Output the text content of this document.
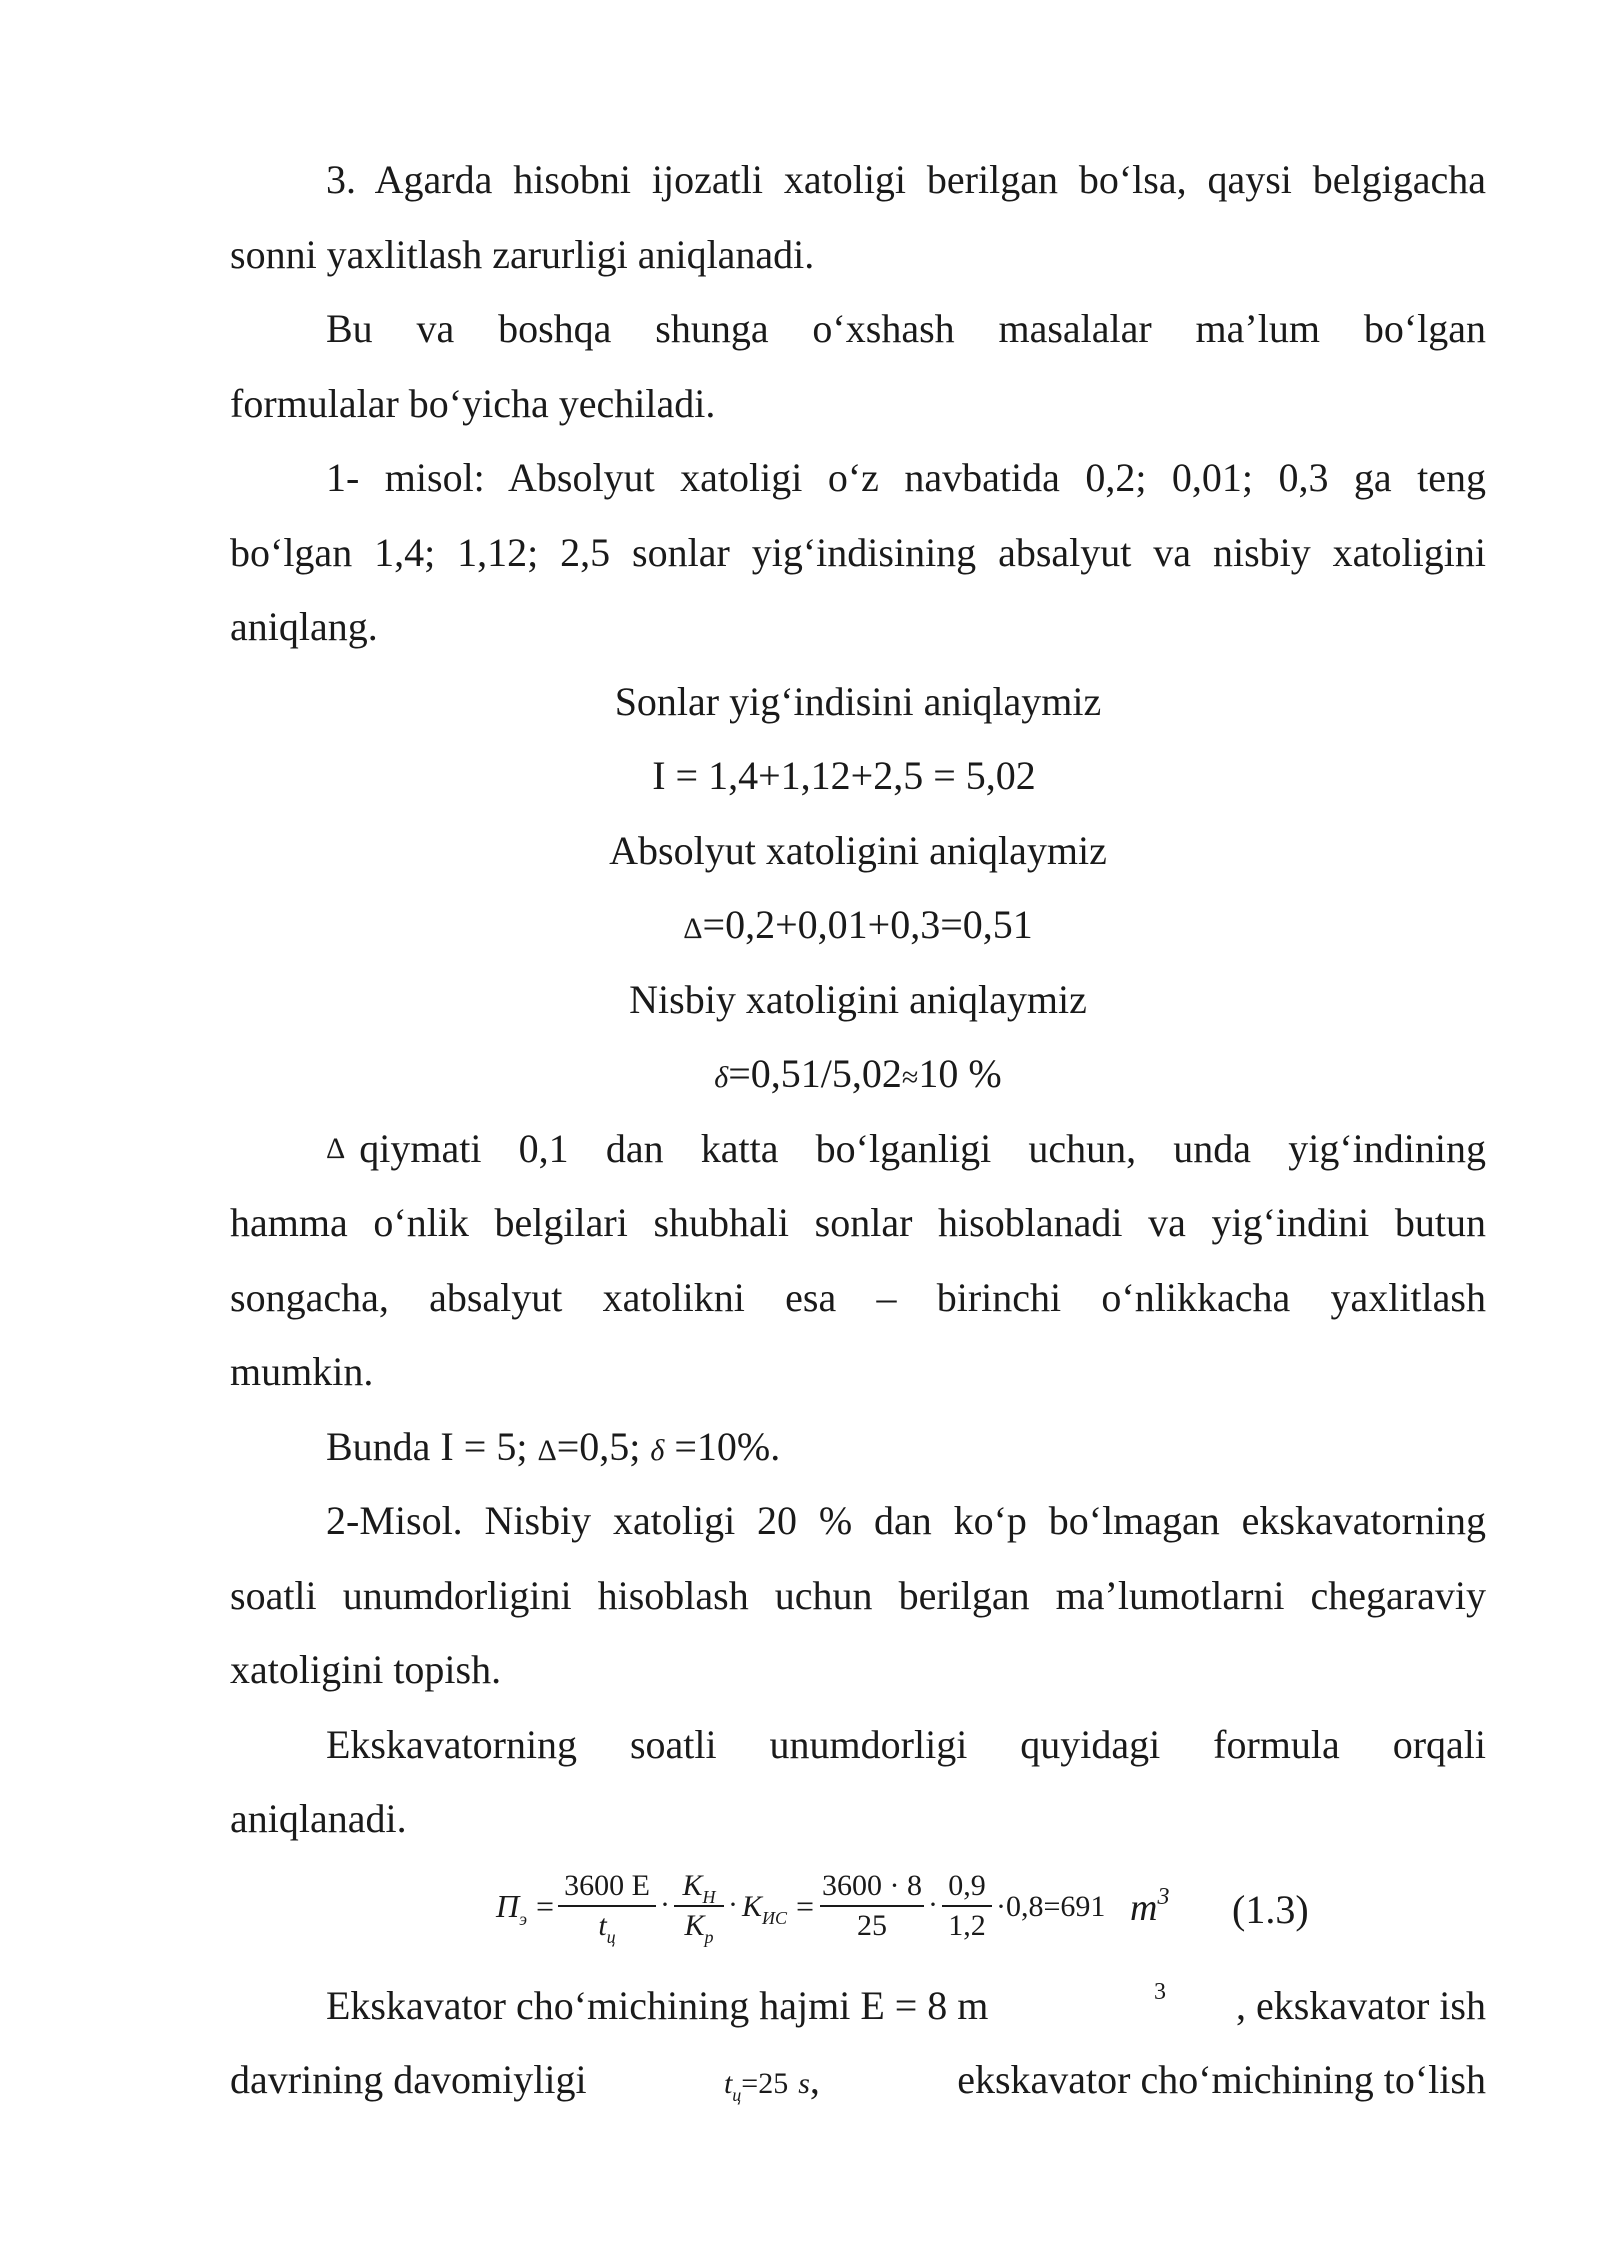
3. Agarda hisobni ijozatli xatoligi berilgan bo‘lsa, qaysi belgigacha
sonni yaxlitlash zarurligi aniqlanadi.
Bu va boshqa shunga o‘xshash masalalar ma’lum bo‘lgan
formulalar bo‘yicha yechiladi.
1- misol: Absolyut xatoligi o‘z navbatida 0,2; 0,01; 0,3 ga teng
bo‘lgan 1,4; 1,12; 2,5 sonlar yig‘indisining absalyut va nisbiy xatoligini
aniqlang.
Sonlar yig‘indisini aniqlaymiz
I = 1,4+1,12+2,5 = 5,02
Absolyut xatoligini aniqlaymiz
Δ=0,2+0,01+0,3=0,51
Nisbiy xatoligini aniqlaymiz
δ=0,51/5,02≈10 %
Δ qiymati 0,1 dan katta bo‘lganligi uchun, unda yig‘indining
hamma o‘nlik belgilari shubhali sonlar hisoblanadi va yig‘indini butun
songacha, absalyut xatolikni esa – birinchi o‘nlikkacha yaxlitlash
mumkin.
Bunda I = 5; Δ=0,5; δ =10%.
2-Misol. Nisbiy xatoligi 20 % dan ko‘p bo‘lmagan ekskavatorning
soatli unumdorligini hisoblash uchun berilgan ma’lumotlarni chegaraviy
xatoligini topish.
Ekskavatorning soatli unumdorligi quyidagi formula orqali
aniqlanadi.
$П_э$ =
3600 E
$t_ц$
·
$K_Н$
$K_р$
· $K_{ИС}$ =
3600 · 8
25
·
0,9
1,2
·0,8=691 $m^3$ (1.3)
Ekskavator cho‘michining hajmi E = 8 m	3 , ekskavator ish
davrining davomiyligi	$t_ц=25$ s,	ekskavator cho‘michining to‘lish
